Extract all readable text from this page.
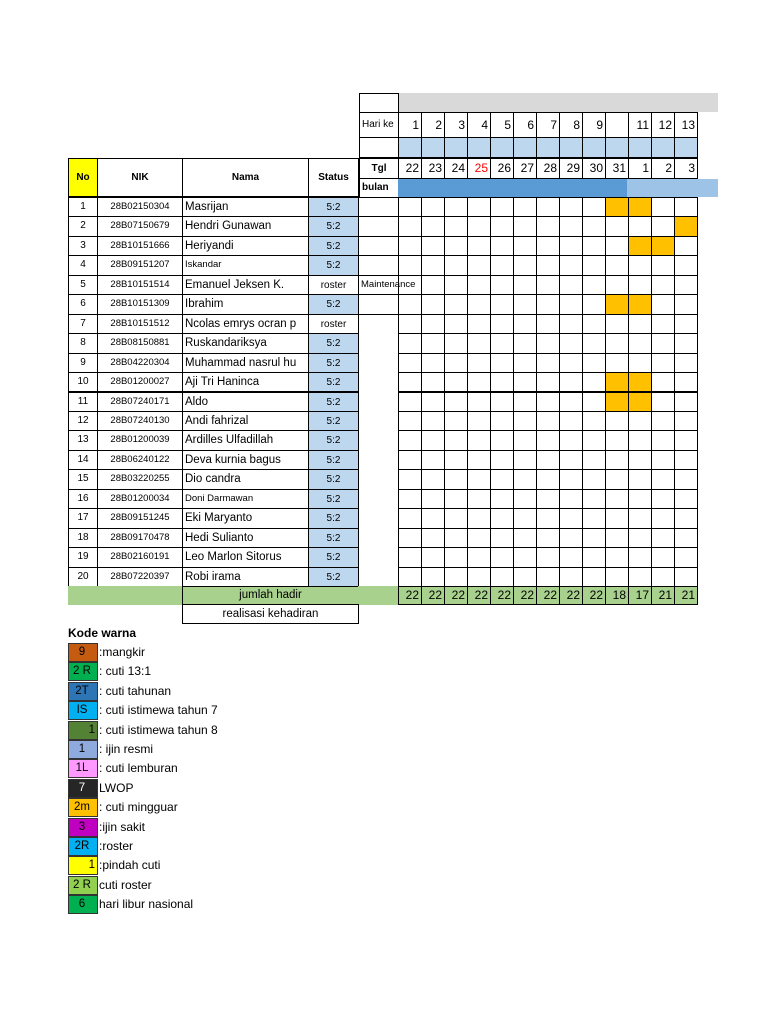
Hari ke	1	2	3	4	5	6	7	8	9	11 12 13
No	NIK	Nama	Status
Tgl	22 23 24 25 26 27 28 29 30 31	1	2	3
bulan
1	28B02150304	Masrijan	5:2
2	28B07150679	Hendri Gunawan	5:2
3	28B10151666	Heriyandi	5:2
4	28B09151207	Iskandar	5:2
5	28B10151514	Emanuel Jeksen K.	roster	Maintenance
6	28B10151309	Ibrahim	5:2
7	28B10151512	Ncolas emrys ocran p	roster
8	28B08150881	Ruskandariksya	5:2
9	28B04220304	Muhammad nasrul hu	5:2
10	28B01200027	Aji Tri Haninca	5:2
11	28B07240171	Aldo	5:2
12	28B07240130	Andi fahrizal	5:2
13	28B01200039	Ardilles Ulfadillah	5:2
14	28B06240122	Deva kurnia bagus	5:2
15	28B03220255	Dio candra	5:2
16	28B01200034	Doni Darmawan	5:2
17	28B09151245	Eki Maryanto	5:2
18	28B09170478	Hedi Sulianto	5:2
19	28B02160191	Leo Marlon Sitorus	5:2
20	28B07220397	Robi irama	5:2
jumlah hadir	22 22 22 22 22 22 22 22 22 18 17 21 21
realisasi kehadiran
Kode warna
9	:mangkir
2 R : cuti 13:1
2T : cuti tahunan
IS : cuti istimewa tahun 7
1 : cuti istimewa tahun 8
1	: ijin resmi
1L : cuti lemburan
7	LWOP
2m : cuti mingguar
3	:ijin sakit
2R :roster
1 :pindah cuti
2 R cuti roster
6	hari libur nasional
